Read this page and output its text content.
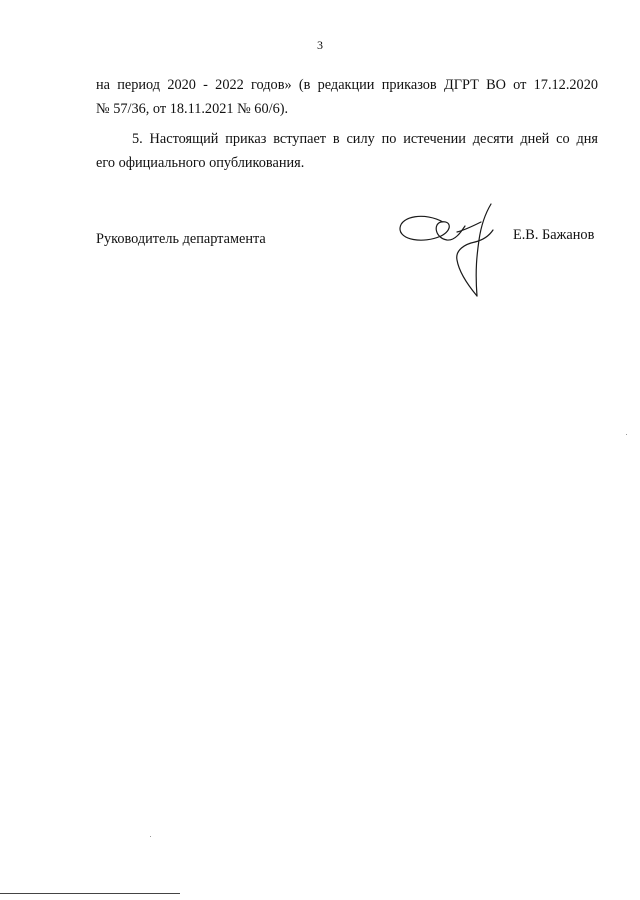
3
на период 2020 - 2022 годов» (в редакции приказов ДГРТ ВО от 17.12.2020
№ 57/36, от 18.11.2021 № 60/6).
5. Настоящий приказ вступает в силу по истечении десяти дней со дня
его официального опубликования.
Руководитель департамента	Е.В. Бажанов
